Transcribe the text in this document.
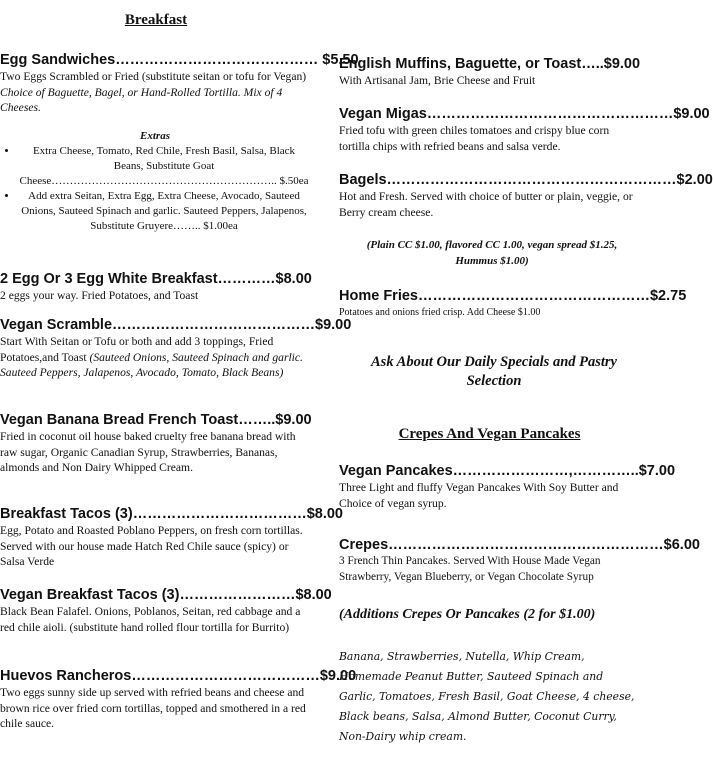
Breakfast
Egg Sandwiches…………………………………… $5.50
Two Eggs Scrambled or Fried (substitute seitan or tofu for Vegan) Choice of Baguette, Bagel, or Hand-Rolled Tortilla. Mix of 4 Cheeses.
Extras
• Extra Cheese, Tomato, Red Chile, Fresh Basil, Salsa, Black Beans, Substitute Goat Cheese…………………………………………………….. $.50ea
• Add extra Seitan, Extra Egg, Extra Cheese, Avocado, Sauteed Onions, Sauteed Spinach and garlic. Sauteed Peppers, Jalapenos, Substitute Gruyere…….. $1.00ea
2 Egg Or 3 Egg White Breakfast…………$8.00
2 eggs your way. Fried Potatoes, and Toast
Vegan Scramble……………………………………$9.00
Start With Seitan or Tofu or both and add 3 toppings, Fried Potatoes,and Toast (Sauteed Onions, Sauteed Spinach and garlic. Sauteed Peppers, Jalapenos, Avocado, Tomato, Black Beans)
Vegan Banana Bread French Toast……..$9.00
Fried in coconut oil house baked cruelty free banana bread with raw sugar, Organic Canadian Syrup, Strawberries, Bananas, almonds and Non Dairy Whipped Cream.
Breakfast Tacos (3)………………………………$8.00
Egg, Potato and Roasted Poblano Peppers, on fresh corn tortillas. Served with our house made Hatch Red Chile sauce (spicy) or Salsa Verde
Vegan Breakfast Tacos (3)……………………$8.00
Black Bean Falafel. Onions, Poblanos, Seitan, red cabbage and a red chile aioli. (substitute hand rolled flour tortilla for Burrito)
Huevos Rancheros…………………………………$9.00
Two eggs sunny side up served with refried beans and cheese and brown rice over fried corn tortillas, topped and smothered in a red chile sauce.
English Muffins, Baguette, or Toast…..$9.00
With Artisanal Jam, Brie Cheese and Fruit
Vegan Migas……………………………………………$9.00
Fried tofu with green chiles tomatoes and crispy blue corn tortilla chips with refried beans and salsa verde.
Bagels……………………………………………………$2.00
Hot and Fresh. Served with choice of butter or plain, veggie, or Berry cream cheese.
(Plain CC $1.00, flavored CC 1.00, vegan spread $1.25, Hummus $1.00)
Home Fries…………………………………………$2.75
Potatoes and onions fried crisp. Add Cheese $1.00
Ask About Our Daily Specials and Pastry Selection
Crepes And Vegan Pancakes
Vegan Pancakes……………………,…………..$7.00
Three Light and fluffy Vegan Pancakes With Soy Butter and Choice of vegan syrup.
Crepes…………………………………………………$6.00
3 French Thin Pancakes. Served With House Made Vegan Strawberry, Vegan Blueberry, or Vegan Chocolate Syrup
(Additions Crepes Or Pancakes (2 for $1.00)
Banana, Strawberries, Nutella, Whip Cream, Homemade Peanut Butter, Sauteed Spinach and Garlic, Tomatoes, Fresh Basil, Goat Cheese, 4 cheese, Black beans, Salsa, Almond Butter, Coconut Curry, Non-Dairy whip cream.
